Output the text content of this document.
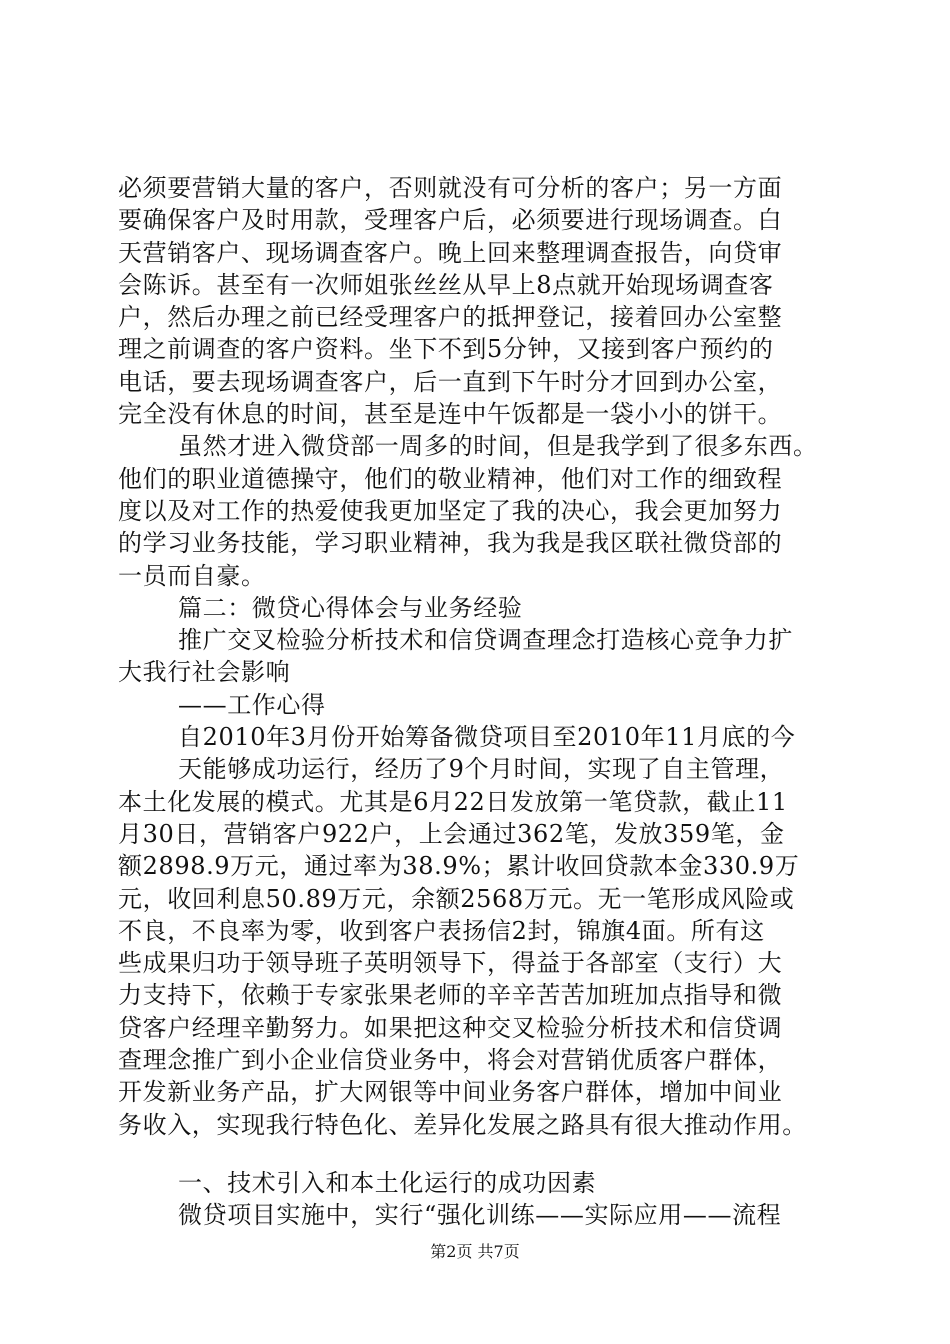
必须要营销大量的客户，否则就没有可分析的客户；另一方面
要确保客户及时用款，受理客户后，必须要进行现场调查。白
天营销客户、现场调查客户。晚上回来整理调查报告，向贷审
会陈诉。甚至有一次师姐张丝丝从早上8点就开始现场调查客
户，然后办理之前已经受理客户的抵押登记，接着回办公室整
理之前调查的客户资料。坐下不到5分钟，又接到客户预约的
电话，要去现场调查客户，后一直到下午时分才回到办公室，
完全没有休息的时间，甚至是连中午饭都是一袋小小的饼干。
虽然才进入微贷部一周多的时间，但是我学到了很多东西。
他们的职业道德操守，他们的敬业精神，他们对工作的细致程
度以及对工作的热爱使我更加坚定了我的决心，我会更加努力
的学习业务技能，学习职业精神，我为我是我区联社微贷部的
一员而自豪。
篇二：微贷心得体会与业务经验
推广交叉检验分析技术和信贷调查理念打造核心竞争力扩
大我行社会影响
——工作心得
自2010年3月份开始筹备微贷项目至2010年11月底的今
天能够成功运行，经历了9个月时间，实现了自主管理，
本土化发展的模式。尤其是6月22日发放第一笔贷款，截止11
月30日，营销客户922户，上会通过362笔，发放359笔，金
额2898.9万元，通过率为38.9%；累计收回贷款本金330.9万
元，收回利息50.89万元，余额2568万元。无一笔形成风险或
不良，不良率为零，收到客户表扬信2封，锦旗4面。所有这
些成果归功于领导班子英明领导下，得益于各部室（支行）大
力支持下，依赖于专家张果老师的辛辛苦苦加班加点指导和微
贷客户经理辛勤努力。如果把这种交叉检验分析技术和信贷调
查理念推广到小企业信贷业务中，将会对营销优质客户群体，
开发新业务产品，扩大网银等中间业务客户群体，增加中间业
务收入，实现我行特色化、差异化发展之路具有很大推动作用。
一、技术引入和本土化运行的成功因素
微贷项目实施中，实行“强化训练——实际应用——流程
第2页 共7页
